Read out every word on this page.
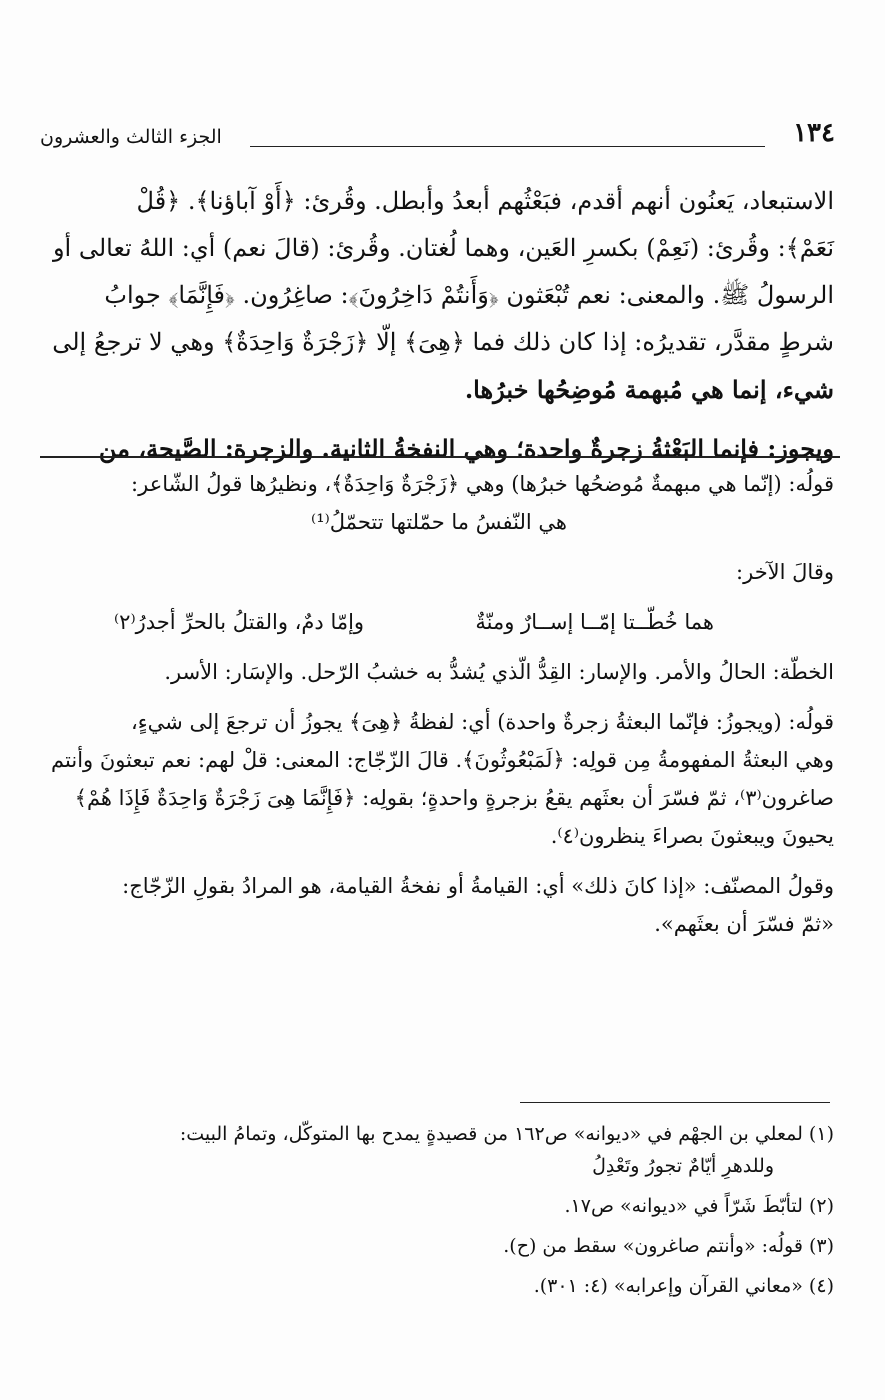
١٣٤
الجزء الثالث والعشرون

الاستبعاد، يَعنُون أنهم أقدم، فبَعْثُهم أبعدُ وأبطل. وقُرئ: ﴿أَوْ آباؤنا﴾. ﴿قُلْ

نَعَمْ﴾: وقُرئ: (نَعِمْ) بكسرِ العَين، وهما لُغتان. وقُرئ: (قالَ نعم) أي: اللهُ تعالى أو

الرسولُ ﷺ. والمعنى: نعم تُبْعَثون ﴿وَأَنتُمْ دَاخِرُونَ﴾: صاغِرُون. ﴿فَإِنَّمَا﴾ جوابُ

شرطٍ مقدَّر، تقديرُه: إذا كان ذلك فما ﴿هِىَ﴾ إلّا ﴿زَجْرَةٌ وَاحِدَةٌ﴾ وهي لا ترجعُ إلى

شيء، إنما هي مُبهمة مُوضِحُها خبرُها.

ويجوز: فإنما البَعْثةُ زجرةٌ واحدة؛ وهي النفخةُ الثانية. والزجرة: الصَّيحة، من

قولُه: (إنّما هي مبهمةٌ مُوضحُها خبرُها) وهي ﴿زَجْرَةٌ وَاحِدَةٌ﴾، ونظيرُها قولُ الشّاعر:

هي النّفسُ ما حمّلتها تتحمّلُ⁽¹⁾

وقالَ الآخر:

هما خُطّــتا إمّــا إســارٌ ومنّةٌ
وإمّا دمٌ، والقتلُ بالحرِّ أجدرُ⁽٢⁾

الخطّة: الحالُ والأمر. والإسار: القِدُّ الّذي يُشدُّ به خشبُ الرّحل. والإسَار: الأسر.

قولُه: (ويجوزُ: فإنّما البعثةُ زجرةٌ واحدة) أي: لفظةُ ﴿هِىَ﴾ يجوزُ أن ترجعَ إلى شيءٍ،

وهي البعثةُ المفهومةُ مِن قولِه: ﴿لَمَبْعُوثُونَ﴾. قالَ الزّجّاج: المعنى: قلْ لهم: نعم تبعثونَ وأنتم

صاغرون⁽٣⁾، ثمّ فسّرَ أن بعثَهم يقعُ بزجرةٍ واحدةٍ؛ بقولِه: ﴿فَإِنَّمَا هِىَ زَجْرَةٌ وَاحِدَةٌ فَإِذَا هُمْ﴾

يحيونَ ويبعثونَ بصراءَ ينظرون⁽٤⁾.

وقولُ المصنّف: «إذا كانَ ذلك» أي: القيامةُ أو نفخةُ القيامة، هو المرادُ بقولِ الزّجّاج:

«ثمّ فسّرَ أن بعثَهم».

(١) لمعلي بن الجهْم في «ديوانه» ص١٦٢ من قصيدةٍ يمدح بها المتوكّل، وتمامُ البيت:

وللدهرِ أيّامٌ تجورُ وتَعْدِلُ

(٢) لتأبّطَ شَرّاً في «ديوانه» ص١٧.

(٣) قولُه: «وأنتم صاغرون» سقط من (ح).

(٤) «معاني القرآن وإعرابه» (٤: ٣٠١).
